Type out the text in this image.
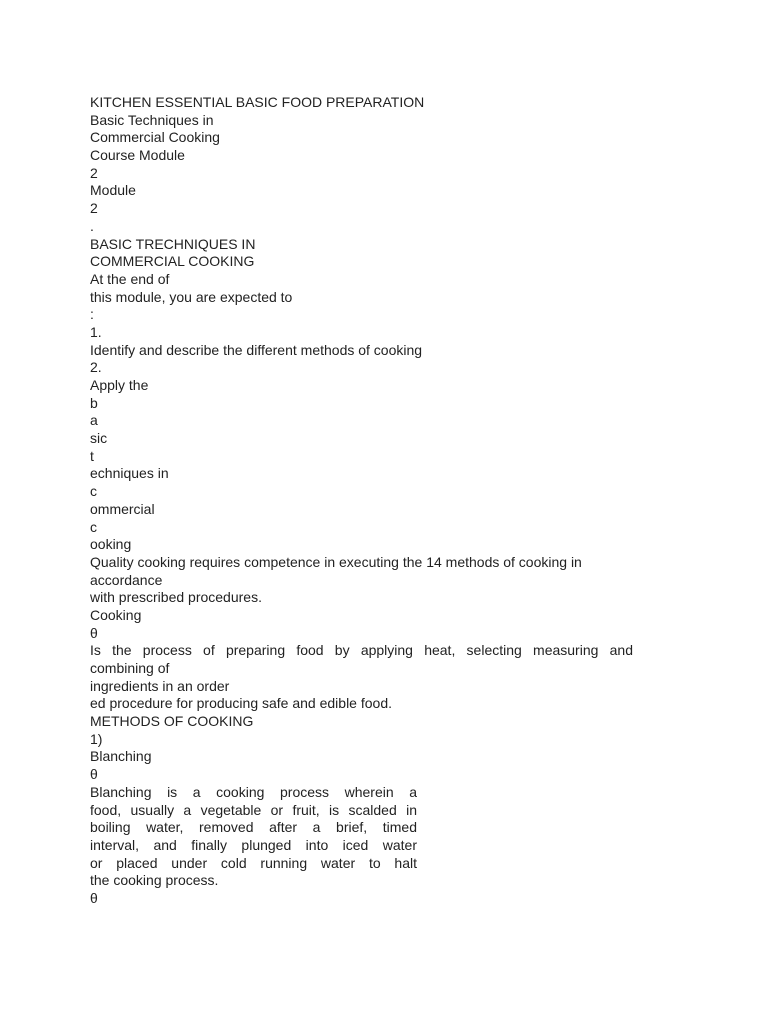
KITCHEN ESSENTIAL BASIC FOOD PREPARATION
Basic Techniques in
Commercial Cooking
Course Module
2
Module
2
.
BASIC TRECHNIQUES IN
COMMERCIAL COOKING
At the end of
this module, you are expected to
:
1.
Identify and describe the different methods of cooking
2.
Apply the
b
a
sic
t
echniques in
c
ommercial
c
ooking
Quality cooking requires competence in executing the 14 methods of cooking in
accordance
with prescribed procedures.
Cooking
θ
Is the process of preparing food by applying heat, selecting measuring and
combining of
ingredients in an order
ed procedure for producing safe and edible food.
METHODS OF COOKING
1)
Blanching
θ
Blanching is a cooking process wherein a
food, usually a vegetable or fruit, is scalded in
boiling water, removed after a brief, timed
interval, and finally plunged into iced water
or placed under cold running water to halt
the cooking process.
θ
